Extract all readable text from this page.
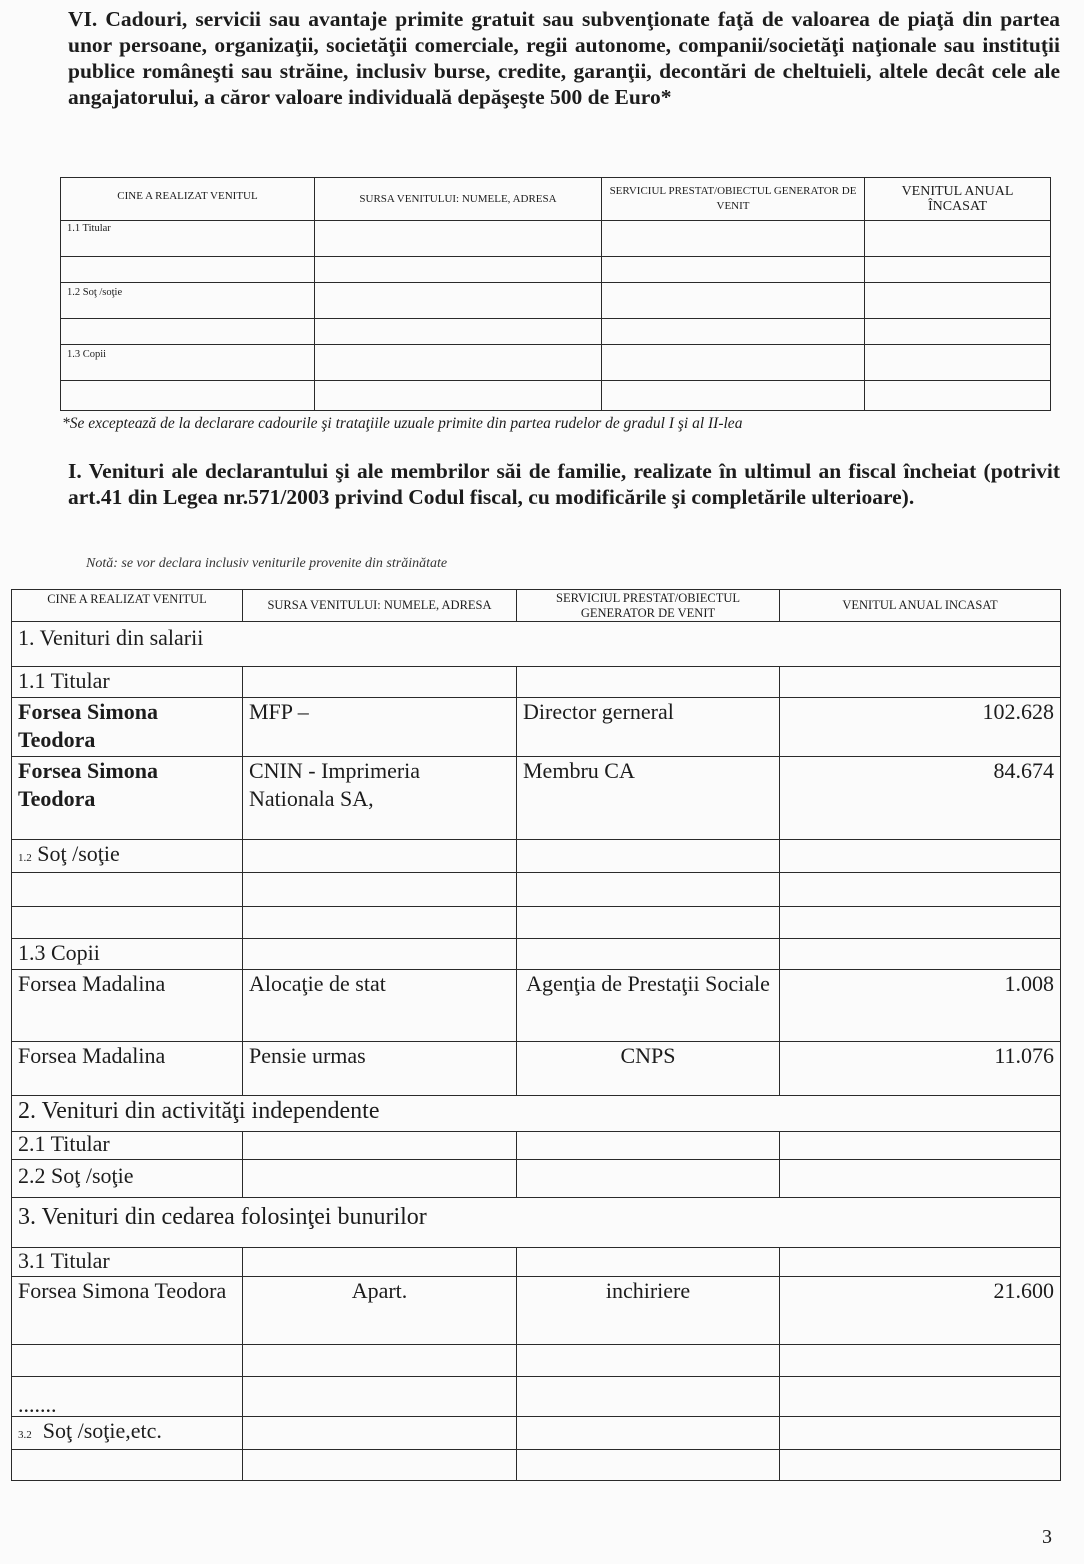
VI. Cadouri, servicii sau avantaje primite gratuit sau subvenţionate faţă de valoarea de piaţă din partea unor persoane, organizaţii, societăţii comerciale, regii autonome, companii/societăţi naţionale sau instituţii publice româneşti sau străine, inclusiv burse, credite, garanţii, decontări de cheltuieli, altele decât cele ale angajatorului, a căror valoare individuală depăşeşte 500 de Euro*
CINE A REALIZAT VENITUL	SURSA VENITULUI: NUMELE, ADRESA	SERVICIUL PRESTAT/OBIECTUL GENERATOR DE VENIT	VENITUL ANUAL ÎNCASAT
1.1 Titular			

1.2 Soţ /soţie			

1.3 Copii			

*Se exceptează de la declarare cadourile şi trataţiile uzuale primite din partea rudelor de gradul I şi al II-lea
I. Venituri ale declarantului şi ale membrilor săi de familie, realizate în ultimul an fiscal încheiat (potrivit art.41 din Legea nr.571/2003 privind Codul fiscal, cu modificările şi completările ulterioare).
Notă: se vor declara inclusiv veniturile provenite din străinătate
CINE A REALIZAT VENITUL	SURSA VENITULUI: NUMELE, ADRESA	SERVICIUL PRESTAT/OBIECTUL GENERATOR DE VENIT	VENITUL ANUAL INCASAT
1. Venituri din salarii			
1.1 Titular			
Forsea Simona Teodora	MFP –	Director gerneral	102.628
Forsea Simona Teodora	CNIN - Imprimeria Nationala SA,	Membru CA	84.674
1.2 Soţ /soţie			

1.3 Copii			
Forsea Madalina	Alocaţie de stat	Agenţia de Prestaţii Sociale	1.008
Forsea Madalina	Pensie urmas	CNPS	11.076
2. Venituri din activităţi independente			
2.1 Titular			
2.2 Soţ /soţie			
3. Venituri din cedarea folosinţei bunurilor			
3.1 Titular			
Forsea Simona Teodora	Apart.	inchiriere	21.600

.......			
3.2 Soţ /soţie,etc.			

3
